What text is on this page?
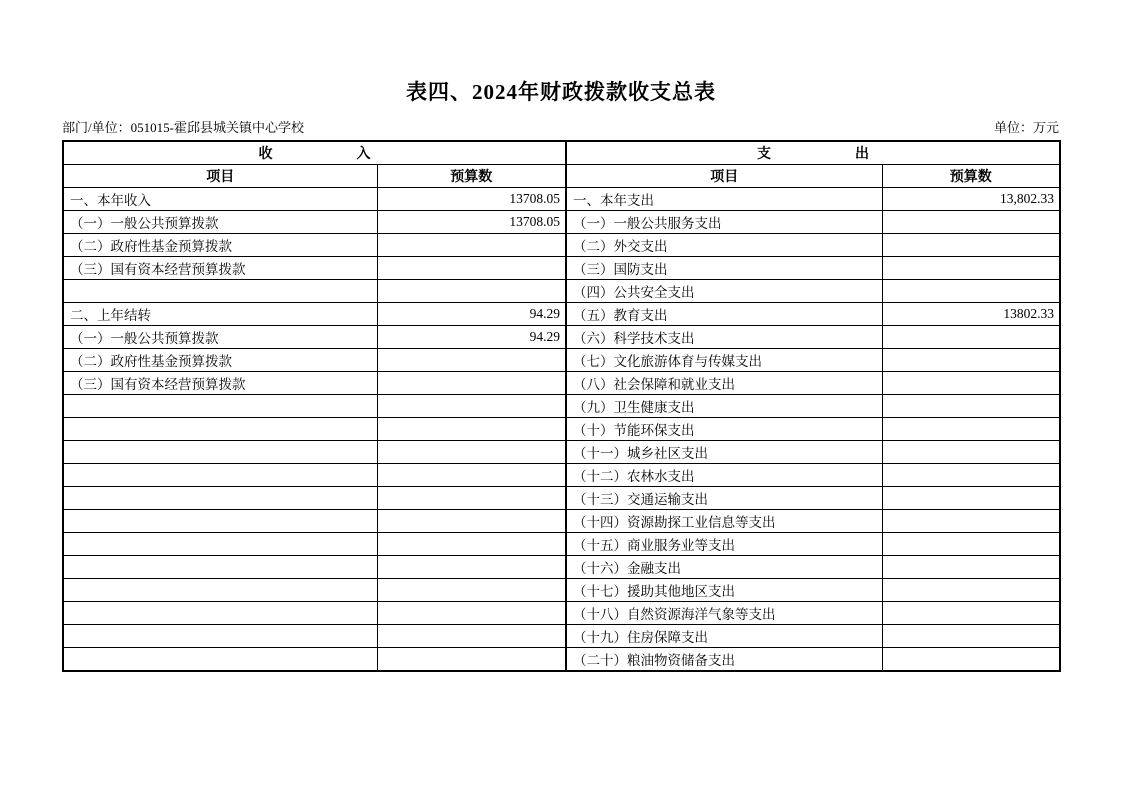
表四、2024年财政拨款收支总表
部门/单位：051015-霍邱县城关镇中心学校	单位：万元
收　　　　　　入		支　　　　　　出	
项目	预算数	项目	预算数
一、本年收入	13708.05	一、本年支出	13,802.33
（一）一般公共预算拨款	13708.05	（一）一般公共服务支出	
（二）政府性基金预算拨款		（二）外交支出	
（三）国有资本经营预算拨款		（三）国防支出	
		（四）公共安全支出	
二、上年结转	94.29	（五）教育支出	13802.33
（一）一般公共预算拨款	94.29	（六）科学技术支出	
（二）政府性基金预算拨款		（七）文化旅游体育与传媒支出	
（三）国有资本经营预算拨款		（八）社会保障和就业支出	
		（九）卫生健康支出	
		（十）节能环保支出	
		（十一）城乡社区支出	
		（十二）农林水支出	
		（十三）交通运输支出	
		（十四）资源勘探工业信息等支出	
		（十五）商业服务业等支出	
		（十六）金融支出	
		（十七）援助其他地区支出	
		（十八）自然资源海洋气象等支出	
		（十九）住房保障支出	
		（二十）粮油物资储备支出	
